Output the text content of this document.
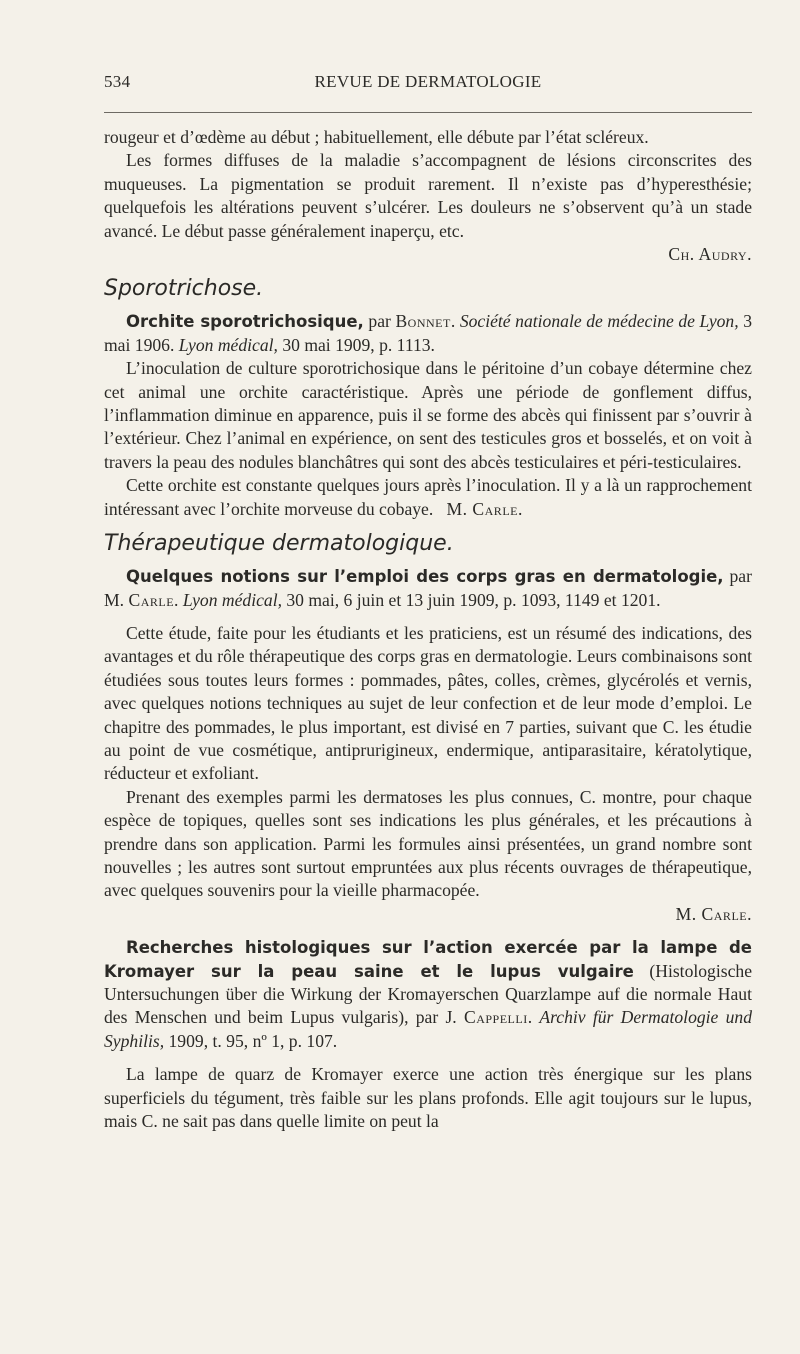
534	REVUE DE DERMATOLOGIE

rougeur et d’œdème au début ; habituellement, elle débute par l’état scléreux.

Les formes diffuses de la maladie s’accompagnent de lésions circonscrites des muqueuses. La pigmentation se produit rarement. Il n’existe pas d’hyperesthésie; quelquefois les altérations peuvent s’ulcérer. Les douleurs ne s’observent qu’à un stade avancé. Le début passe généralement inaperçu, etc.

Ch. Audry.

Sporotrichose.

Orchite sporotrichosique, par Bonnet. Société nationale de médecine de Lyon, 3 mai 1906. Lyon médical, 30 mai 1909, p. 1113.

L’inoculation de culture sporotrichosique dans le péritoine d’un cobaye détermine chez cet animal une orchite caractéristique. Après une période de gonflement diffus, l’inflammation diminue en apparence, puis il se forme des abcès qui finissent par s’ouvrir à l’extérieur. Chez l’animal en expérience, on sent des testicules gros et bosselés, et on voit à travers la peau des nodules blanchâtres qui sont des abcès testiculaires et péri-testiculaires.

Cette orchite est constante quelques jours après l’inoculation. Il y a là un rapprochement intéressant avec l’orchite morveuse du cobaye. M. Carle.

Thérapeutique dermatologique.

Quelques notions sur l’emploi des corps gras en dermatologie, par M. Carle. Lyon médical, 30 mai, 6 juin et 13 juin 1909, p. 1093, 1149 et 1201.

Cette étude, faite pour les étudiants et les praticiens, est un résumé des indications, des avantages et du rôle thérapeutique des corps gras en dermatologie. Leurs combinaisons sont étudiées sous toutes leurs formes : pommades, pâtes, colles, crèmes, glycérolés et vernis, avec quelques notions techniques au sujet de leur confection et de leur mode d’emploi. Le chapitre des pommades, le plus important, est divisé en 7 parties, suivant que C. les étudie au point de vue cosmétique, antiprurigineux, endermique, antiparasitaire, kératolytique, réducteur et exfoliant.

Prenant des exemples parmi les dermatoses les plus connues, C. montre, pour chaque espèce de topiques, quelles sont ses indications les plus générales, et les précautions à prendre dans son application. Parmi les formules ainsi présentées, un grand nombre sont nouvelles ; les autres sont surtout empruntées aux plus récents ouvrages de thérapeutique, avec quelques souvenirs pour la vieille pharmacopée.

M. Carle.

Recherches histologiques sur l’action exercée par la lampe de Kromayer sur la peau saine et le lupus vulgaire (Histologische Untersuchungen über die Wirkung der Kromayerschen Quarzlampe auf die normale Haut des Menschen und beim Lupus vulgaris), par J. Cappelli. Archiv für Dermatologie und Syphilis, 1909, t. 95, nº 1, p. 107.

La lampe de quarz de Kromayer exerce une action très énergique sur les plans superficiels du tégument, très faible sur les plans profonds. Elle agit toujours sur le lupus, mais C. ne sait pas dans quelle limite on peut la
